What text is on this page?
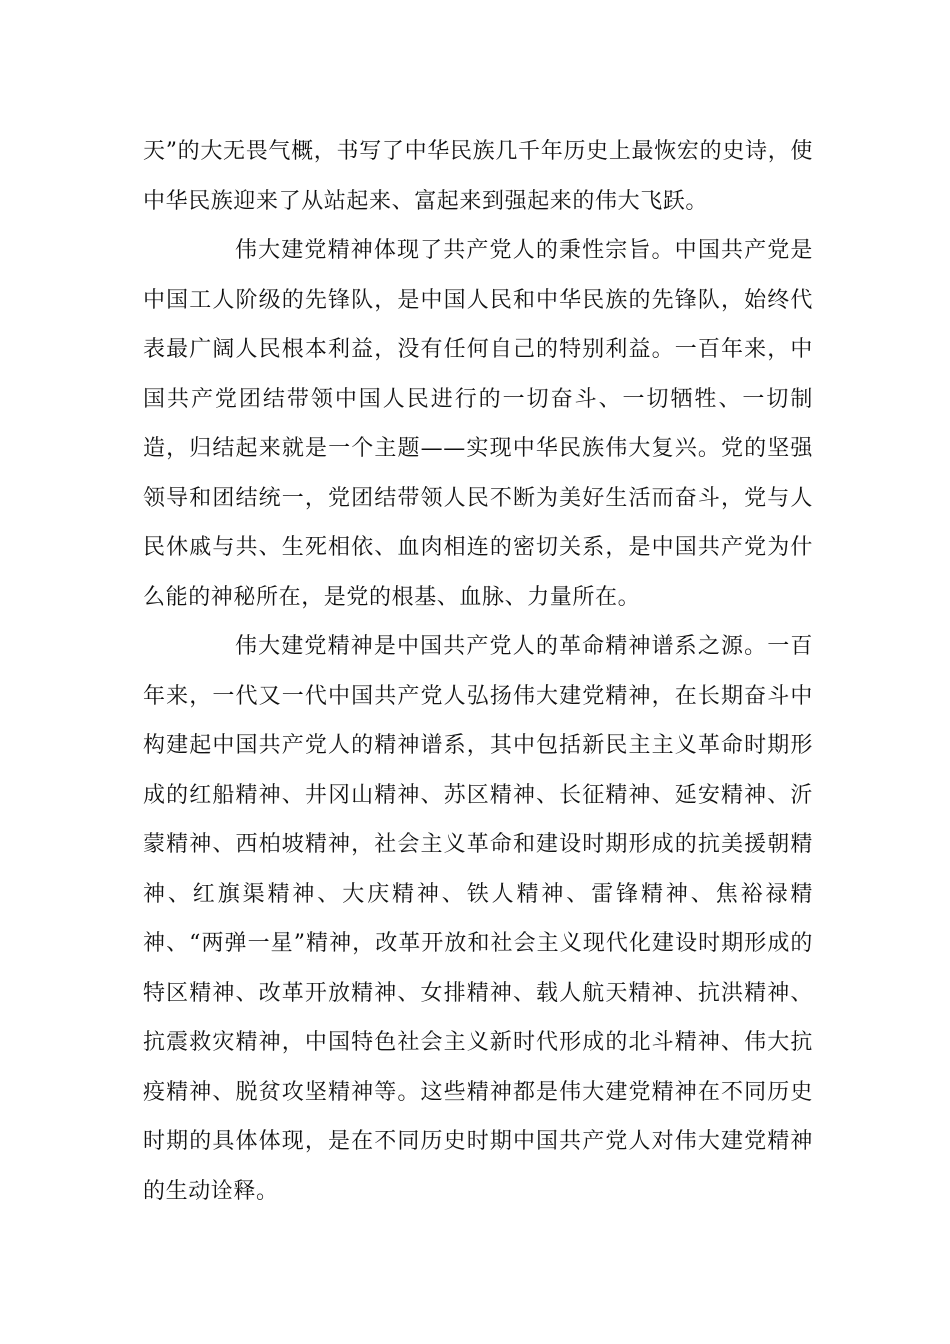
天”的大无畏气概，书写了中华民族几千年历史上最恢宏的史诗，使中华民族迎来了从站起来、富起来到强起来的伟大飞跃。

伟大建党精神体现了共产党人的秉性宗旨。中国共产党是中国工人阶级的先锋队，是中国人民和中华民族的先锋队，始终代表最广阔人民根本利益，没有任何自己的特别利益。一百年来，中国共产党团结带领中国人民进行的一切奋斗、一切牺牲、一切制造，归结起来就是一个主题——实现中华民族伟大复兴。党的坚强领导和团结统一，党团结带领人民不断为美好生活而奋斗，党与人民休戚与共、生死相依、血肉相连的密切关系，是中国共产党为什么能的神秘所在，是党的根基、血脉、力量所在。

伟大建党精神是中国共产党人的革命精神谱系之源。一百年来，一代又一代中国共产党人弘扬伟大建党精神，在长期奋斗中构建起中国共产党人的精神谱系，其中包括新民主主义革命时期形成的红船精神、井冈山精神、苏区精神、长征精神、延安精神、沂蒙精神、西柏坡精神，社会主义革命和建设时期形成的抗美援朝精神、红旗渠精神、大庆精神、铁人精神、雷锋精神、焦裕禄精神、“两弹一星”精神，改革开放和社会主义现代化建设时期形成的特区精神、改革开放精神、女排精神、载人航天精神、抗洪精神、抗震救灾精神，中国特色社会主义新时代形成的北斗精神、伟大抗疫精神、脱贫攻坚精神等。这些精神都是伟大建党精神在不同历史时期的具体体现，是在不同历史时期中国共产党人对伟大建党精神的生动诠释。
